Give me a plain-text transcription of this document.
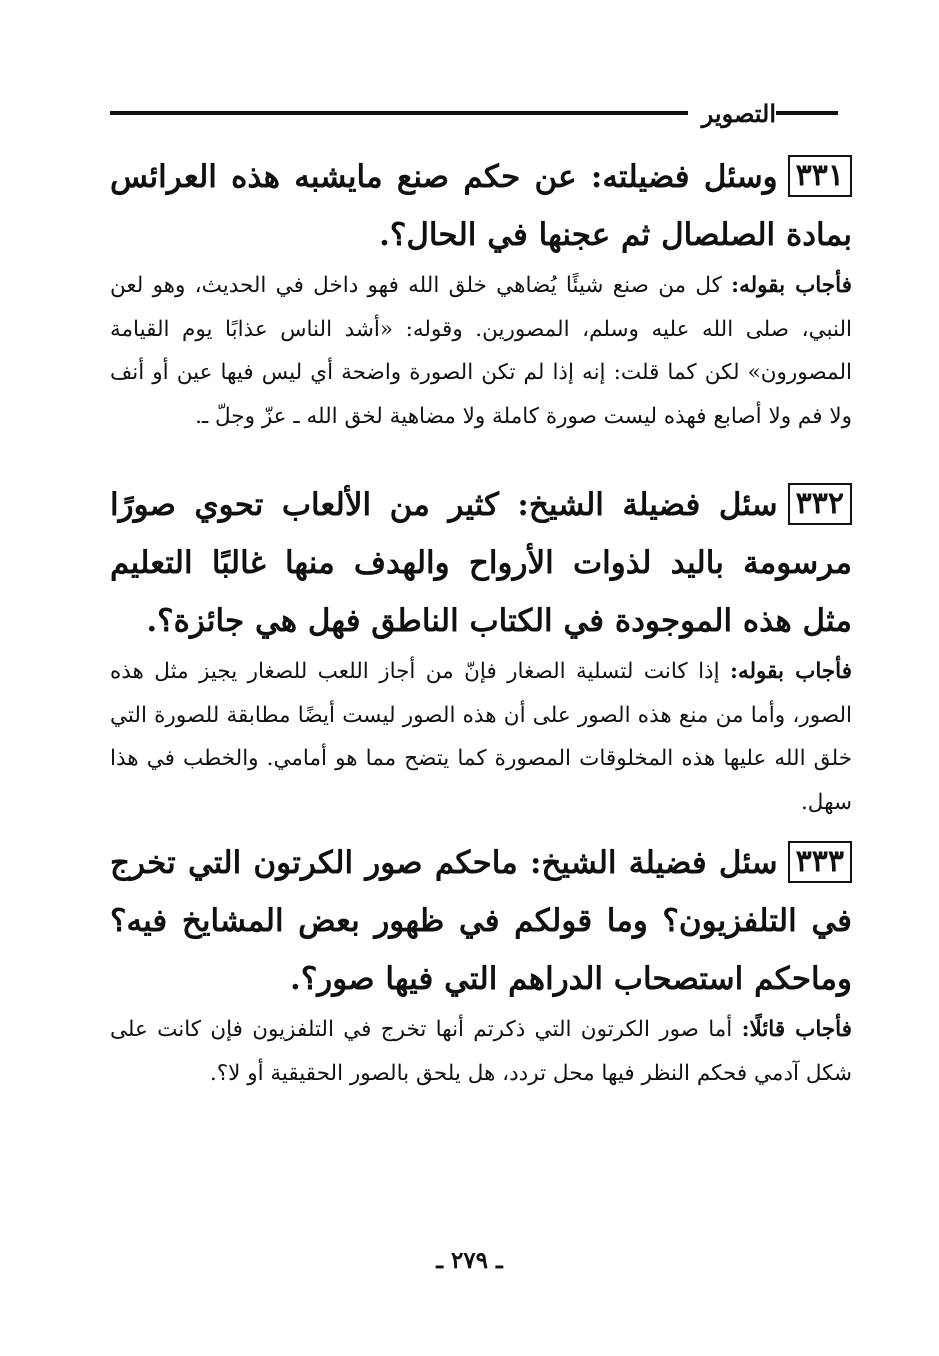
التصوير

٣٣١وسئل فضيلته: عن حكم صنع مايشبه هذه العرائس بمادة الصلصال ثم عجنها في الحال؟.

فأجاب بقوله: كل من صنع شيئًا يُضاهي خلق الله فهو داخل في الحديث، وهو لعن النبي، صلى الله عليه وسلم، المصورين. وقوله: «أشد الناس عذابًا يوم القيامة المصورون» لكن كما قلت: إنه إذا لم تكن الصورة واضحة أي ليس فيها عين أو أنف ولا فم ولا أصابع فهذه ليست صورة كاملة ولا مضاهية لخق الله ـ عزّ وجلّ ـ.

٣٣٢سئل فضيلة الشيخ: كثير من الألعاب تحوي صورًا مرسومة باليد لذوات الأرواح والهدف منها غالبًا التعليم مثل هذه الموجودة في الكتاب الناطق فهل هي جائزة؟.

فأجاب بقوله: إذا كانت لتسلية الصغار فإنّ من أجاز اللعب للصغار يجيز مثل هذه الصور، وأما من منع هذه الصور على أن هذه الصور ليست أيضًا مطابقة للصورة التي خلق الله عليها هذه المخلوقات المصورة كما يتضح مما هو أمامي. والخطب في هذا سهل.

٣٣٣سئل فضيلة الشيخ: ماحكم صور الكرتون التي تخرج في التلفزيون؟ وما قولكم في ظهور بعض المشايخ فيه؟ وماحكم استصحاب الدراهم التي فيها صور؟.

فأجاب قائلًا: أما صور الكرتون التي ذكرتم أنها تخرج في التلفزيون فإن كانت على شكل آدمي فحكم النظر فيها محل تردد، هل يلحق بالصور الحقيقية أو لا؟.

ـ ٢٧٩ ـ
